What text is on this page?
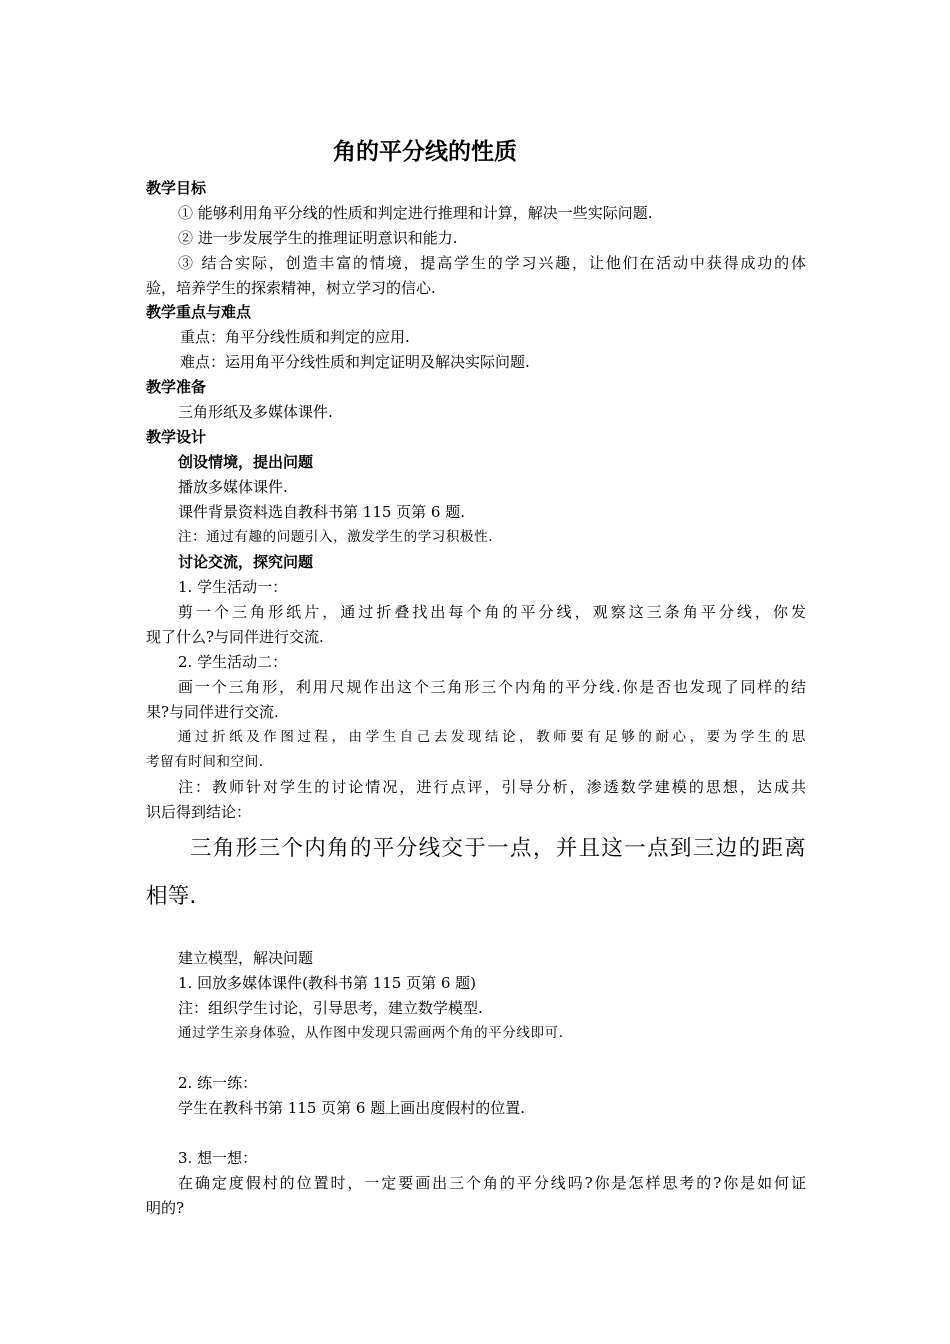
角的平分线的性质
教学目标
① 能够利用角平分线的性质和判定进行推理和计算，解决一些实际问题.
② 进一步发展学生的推理证明意识和能力.
③ 结合实际，创造丰富的情境，提高学生的学习兴趣，让他们在活动中获得成功的体
验，培养学生的探索精神，树立学习的信心.
教学重点与难点
重点：角平分线性质和判定的应用.
难点：运用角平分线性质和判定证明及解决实际问题.
教学准备
三角形纸及多媒体课件.
教学设计
创设情境，提出问题
播放多媒体课件.
课件背景资料选自教科书第 115 页第 6 题.
注：通过有趣的问题引入，激发学生的学习积极性.
讨论交流，探究问题
1. 学生活动一：
剪一个三角形纸片，通过折叠找出每个角的平分线，观察这三条角平分线，你发
现了什么?与同伴进行交流.
2. 学生活动二：
画一个三角形，利用尺规作出这个三角形三个内角的平分线.你是否也发现了同样的结
果?与同伴进行交流.
通过折纸及作图过程，由学生自己去发现结论，教师要有足够的耐心，要为学生的思
考留有时间和空间.
注：教师针对学生的讨论情况，进行点评，引导分析，渗透数学建模的思想，达成共
识后得到结论：
三角形三个内角的平分线交于一点，并且这一点到三边的距离
相等.
建立模型，解决问题
1. 回放多媒体课件(教科书第 115 页第 6 题)
注：组织学生讨论，引导思考，建立数学模型.
通过学生亲身体验，从作图中发现只需画两个角的平分线即可.
2. 练一练：
学生在教科书第 115 页第 6 题上画出度假村的位置.
3. 想一想：
在确定度假村的位置时，一定要画出三个角的平分线吗?你是怎样思考的?你是如何证
明的?
